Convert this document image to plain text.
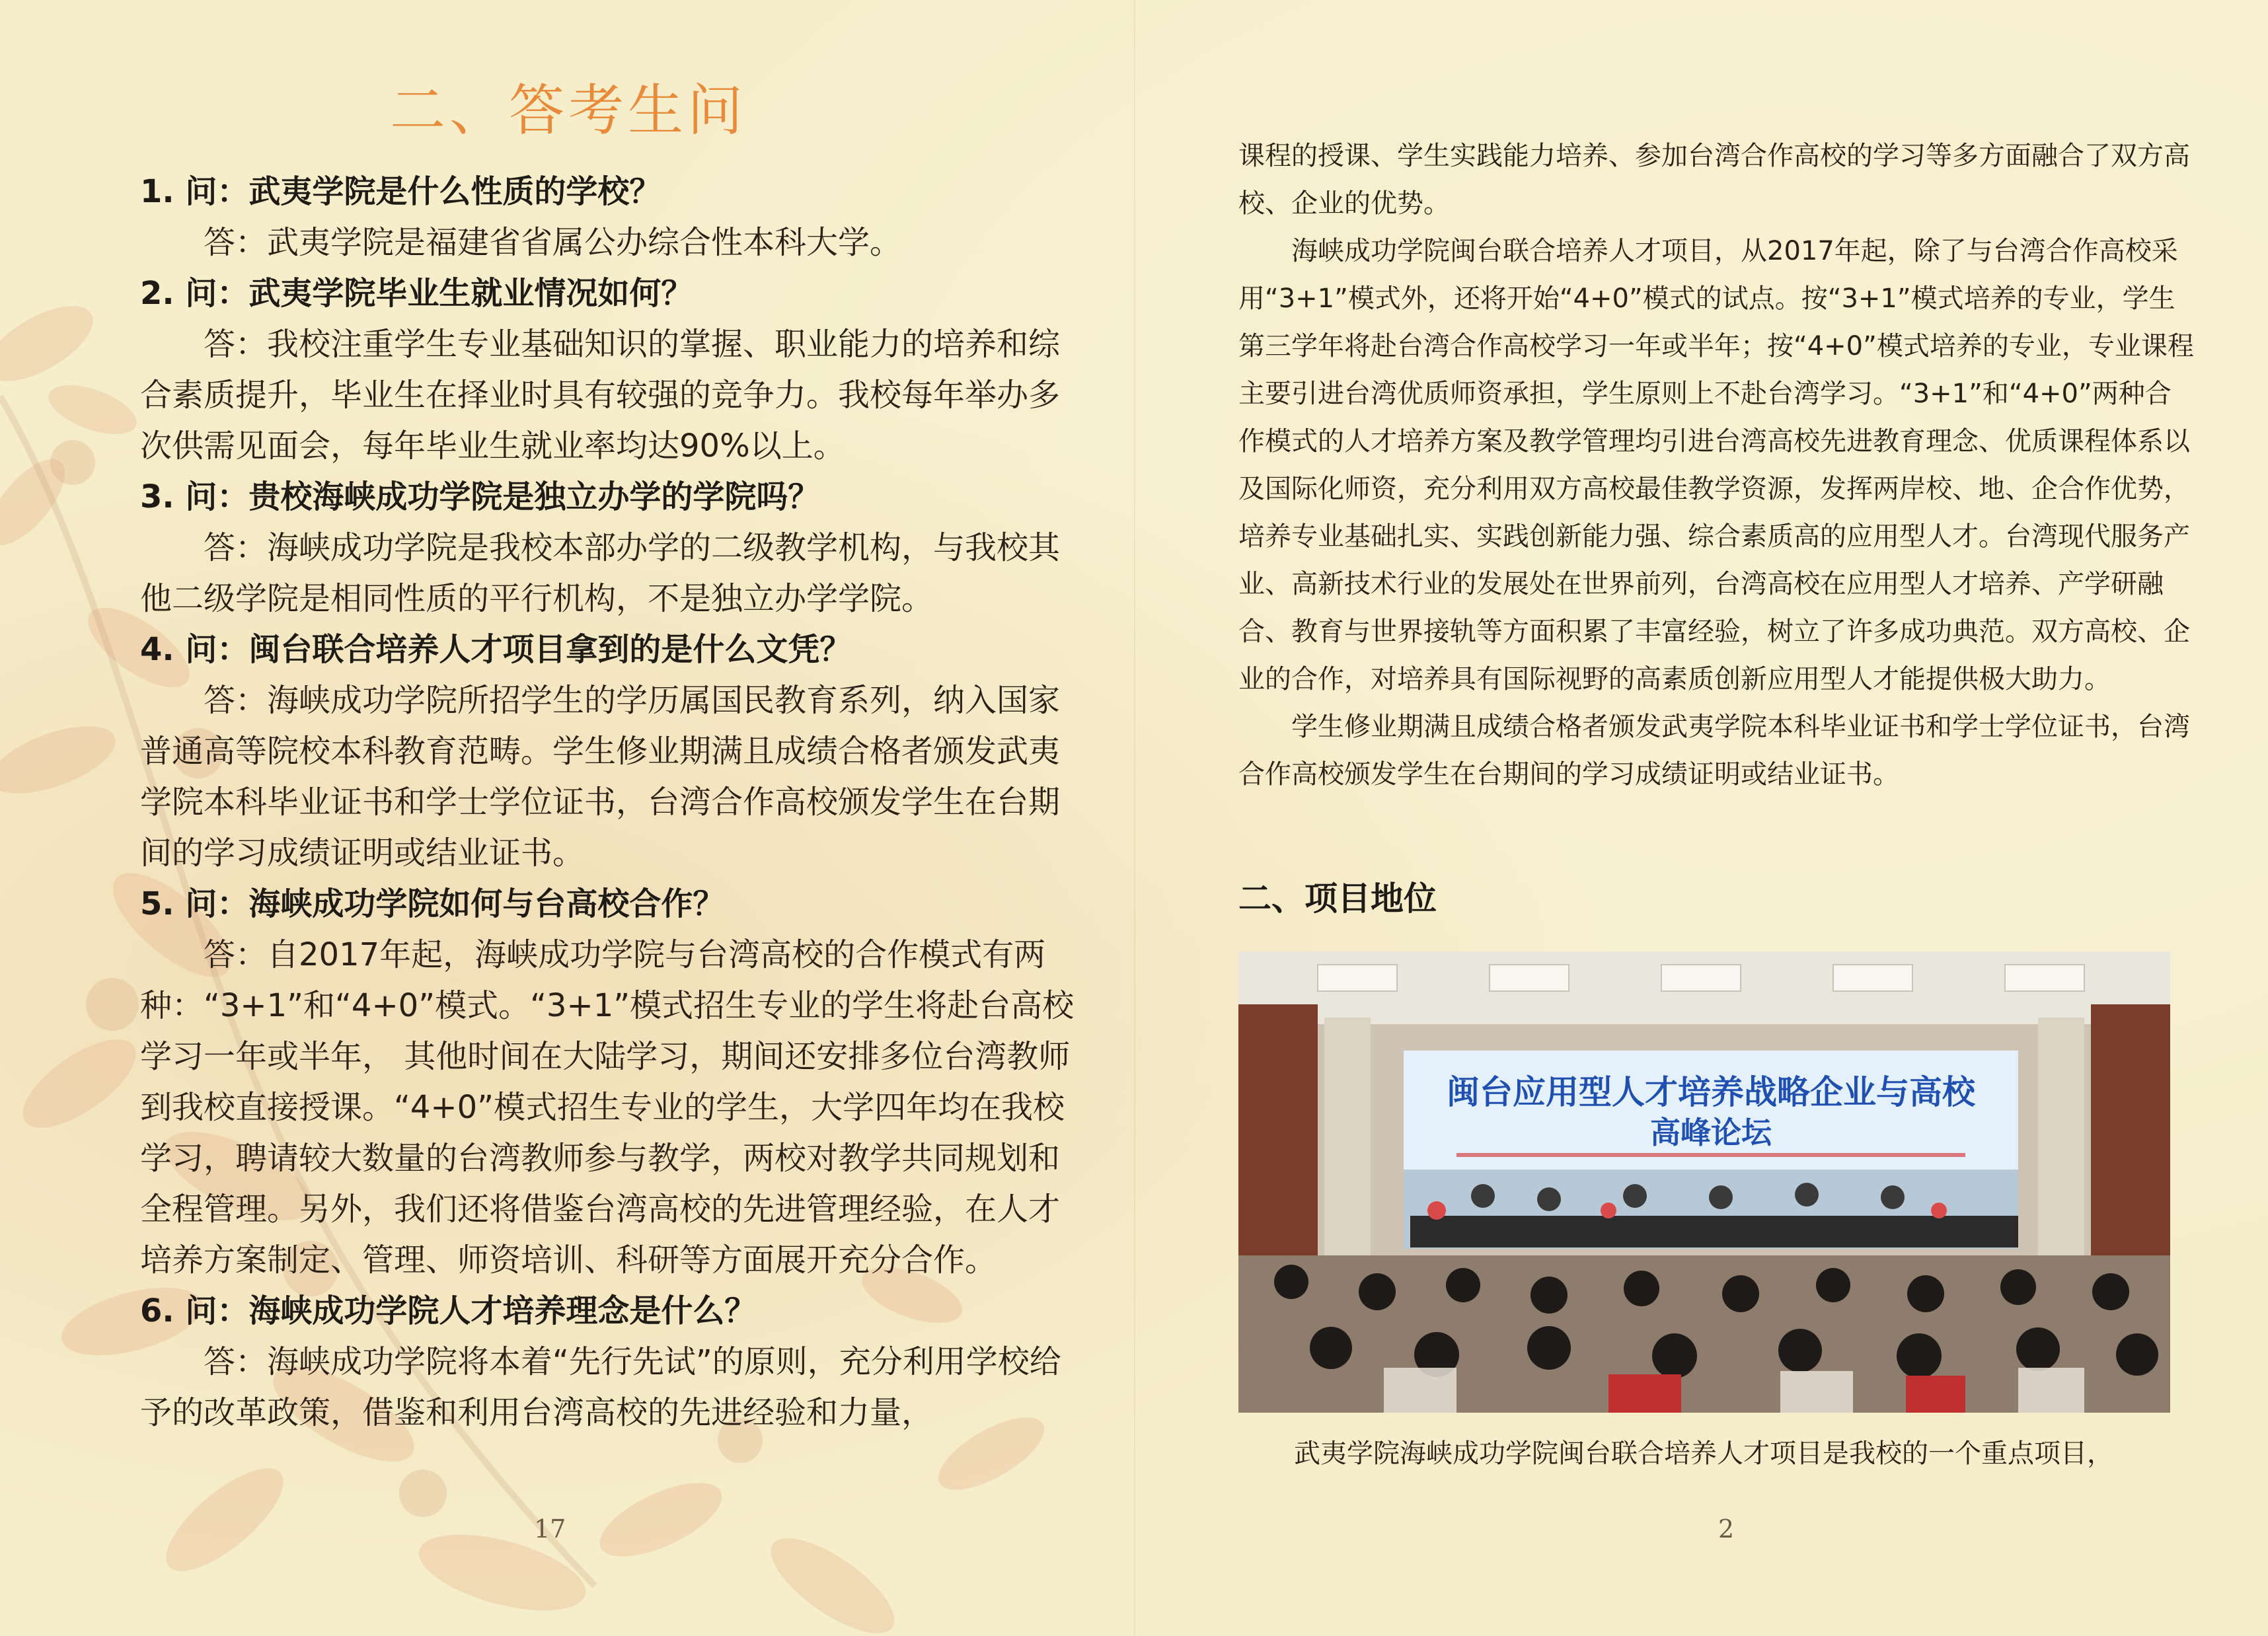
二、答考生问

1. 问：武夷学院是什么性质的学校？

答：武夷学院是福建省省属公办综合性本科大学。

2. 问：武夷学院毕业生就业情况如何？

答：我校注重学生专业基础知识的掌握、职业能力的培养和综合素质提升，毕业生在择业时具有较强的竞争力。我校每年举办多次供需见面会，每年毕业生就业率均达90%以上。

3. 问：贵校海峡成功学院是独立办学的学院吗？

答：海峡成功学院是我校本部办学的二级教学机构，与我校其他二级学院是相同性质的平行机构，不是独立办学学院。

4. 问：闽台联合培养人才项目拿到的是什么文凭？

答：海峡成功学院所招学生的学历属国民教育系列，纳入国家普通高等院校本科教育范畴。学生修业期满且成绩合格者颁发武夷学院本科毕业证书和学士学位证书，台湾合作高校颁发学生在台期间的学习成绩证明或结业证书。

5. 问：海峡成功学院如何与台高校合作？

答：自2017年起，海峡成功学院与台湾高校的合作模式有两种：“3+1”和“4+0”模式。“3+1”模式招生专业的学生将赴台高校学习一年或半年， 其他时间在大陆学习，期间还安排多位台湾教师到我校直接授课。“4+0”模式招生专业的学生，大学四年均在我校学习，聘请较大数量的台湾教师参与教学，两校对教学共同规划和全程管理。另外，我们还将借鉴台湾高校的先进管理经验，在人才培养方案制定、管理、师资培训、科研等方面展开充分合作。

6. 问：海峡成功学院人才培养理念是什么？

答：海峡成功学院将本着“先行先试”的原则，充分利用学校给予的改革政策，借鉴和利用台湾高校的先进经验和力量，

17

课程的授课、学生实践能力培养、参加台湾合作高校的学习等多方面融合了双方高校、企业的优势。

海峡成功学院闽台联合培养人才项目，从2017年起，除了与台湾合作高校采用“3+1”模式外，还将开始“4+0”模式的试点。按“3+1”模式培养的专业，学生第三学年将赴台湾合作高校学习一年或半年；按“4+0”模式培养的专业，专业课程主要引进台湾优质师资承担，学生原则上不赴台湾学习。“3+1”和“4+0”两种合作模式的人才培养方案及教学管理均引进台湾高校先进教育理念、优质课程体系以及国际化师资，充分利用双方高校最佳教学资源，发挥两岸校、地、企合作优势，培养专业基础扎实、实践创新能力强、综合素质高的应用型人才。台湾现代服务产业、高新技术行业的发展处在世界前列，台湾高校在应用型人才培养、产学研融合、教育与世界接轨等方面积累了丰富经验，树立了许多成功典范。双方高校、企业的合作，对培养具有国际视野的高素质创新应用型人才能提供极大助力。

学生修业期满且成绩合格者颁发武夷学院本科毕业证书和学士学位证书，台湾合作高校颁发学生在台期间的学习成绩证明或结业证书。

二、项目地位
闽台应用型人才培养战略企业与高校
高峰论坛

武夷学院海峡成功学院闽台联合培养人才项目是我校的一个重点项目，

2
